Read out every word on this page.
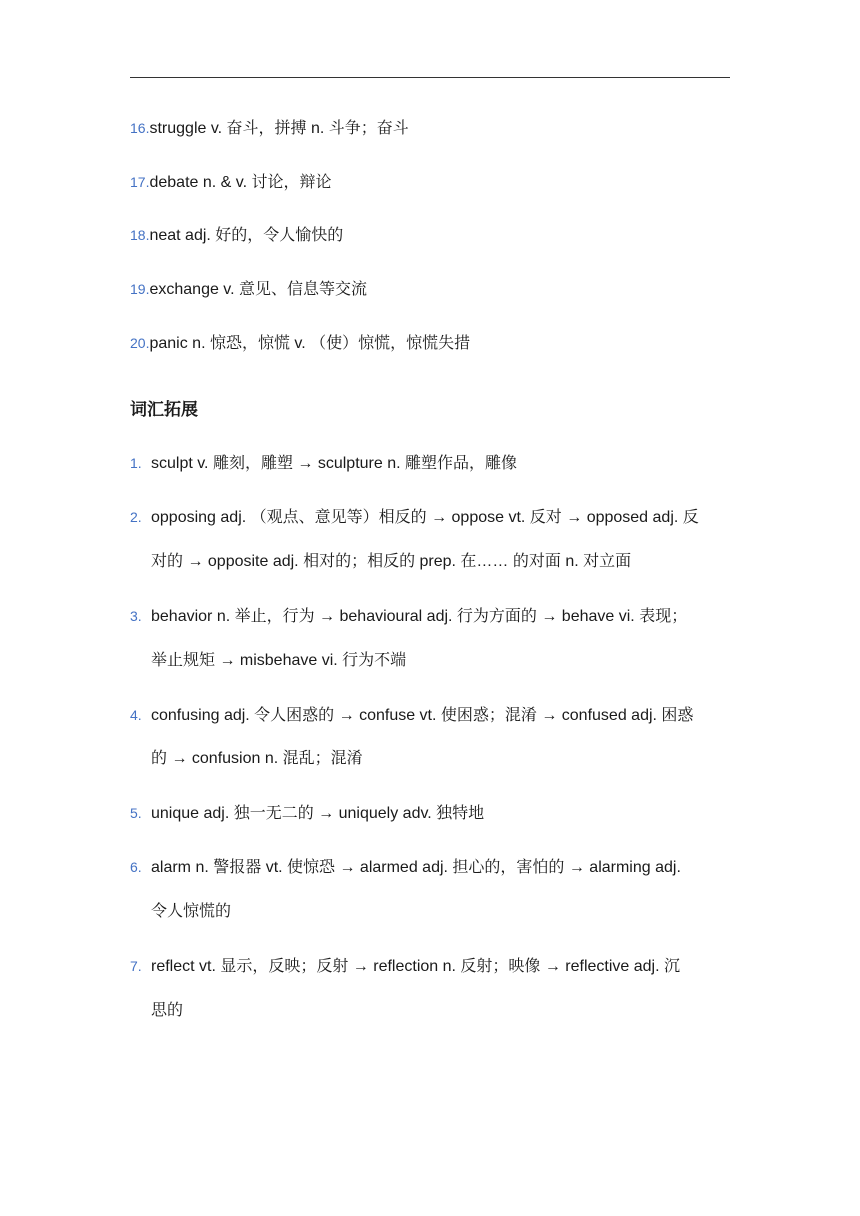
16.struggle v. 奋斗，拼搏 n. 斗争；奋斗
17.debate n. & v. 讨论，辩论
18.neat adj. 好的，令人愉快的
19.exchange v. 意见、信息等交流
20.panic n. 惊恐，惊慌 v. （使）惊慌，惊慌失措
词汇拓展
1. sculpt v. 雕刻，雕塑 → sculpture n. 雕塑作品，雕像
2. opposing adj. （观点、意见等）相反的 → oppose vt. 反对 → opposed adj. 反
对的 → opposite adj. 相对的；相反的 prep. 在…… 的对面 n. 对立面
3. behavior n. 举止，行为 → behavioural adj. 行为方面的 → behave vi. 表现；
举止规矩 → misbehave vi. 行为不端
4. confusing adj. 令人困惑的 → confuse vt. 使困惑；混淆 → confused adj. 困惑
的 → confusion n. 混乱；混淆
5. unique adj. 独一无二的 → uniquely adv. 独特地
6. alarm n. 警报器 vt. 使惊恐 → alarmed adj. 担心的，害怕的 → alarming adj.
令人惊慌的
7. reflect vt. 显示，反映；反射 → reflection n. 反射；映像 → reflective adj. 沉
思的
